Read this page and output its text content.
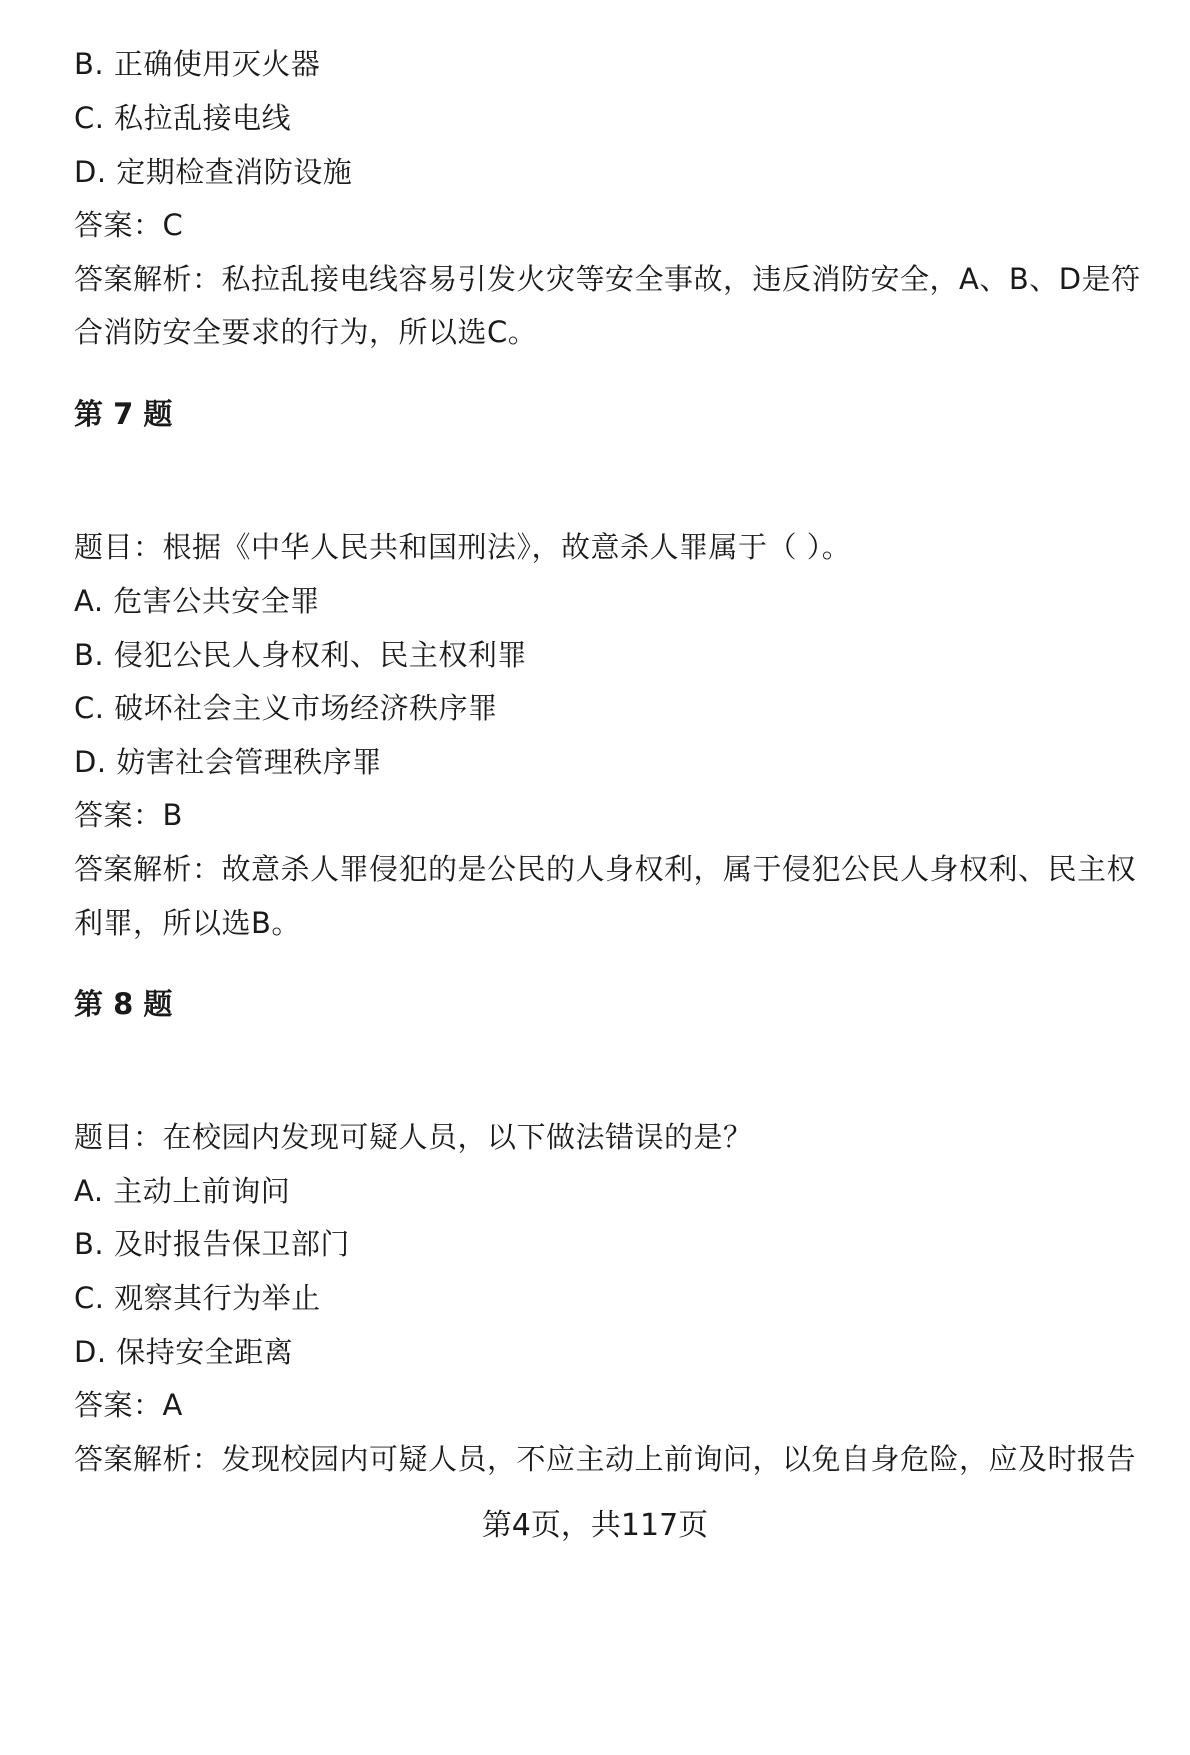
B. 正确使用灭火器
C. 私拉乱接电线
D. 定期检查消防设施
答案：C
答案解析：私拉乱接电线容易引发火灾等安全事故，违反消防安全，A、B、D是符
合消防安全要求的行为，所以选C。
第 7 题
题目：根据《中华人民共和国刑法》，故意杀人罪属于（ ）。
A. 危害公共安全罪
B. 侵犯公民人身权利、民主权利罪
C. 破坏社会主义市场经济秩序罪
D. 妨害社会管理秩序罪
答案：B
答案解析：故意杀人罪侵犯的是公民的人身权利，属于侵犯公民人身权利、民主权
利罪，所以选B。
第 8 题
题目：在校园内发现可疑人员，以下做法错误的是？
A. 主动上前询问
B. 及时报告保卫部门
C. 观察其行为举止
D. 保持安全距离
答案：A
答案解析：发现校园内可疑人员，不应主动上前询问，以免自身危险，应及时报告
第4页，共117页
